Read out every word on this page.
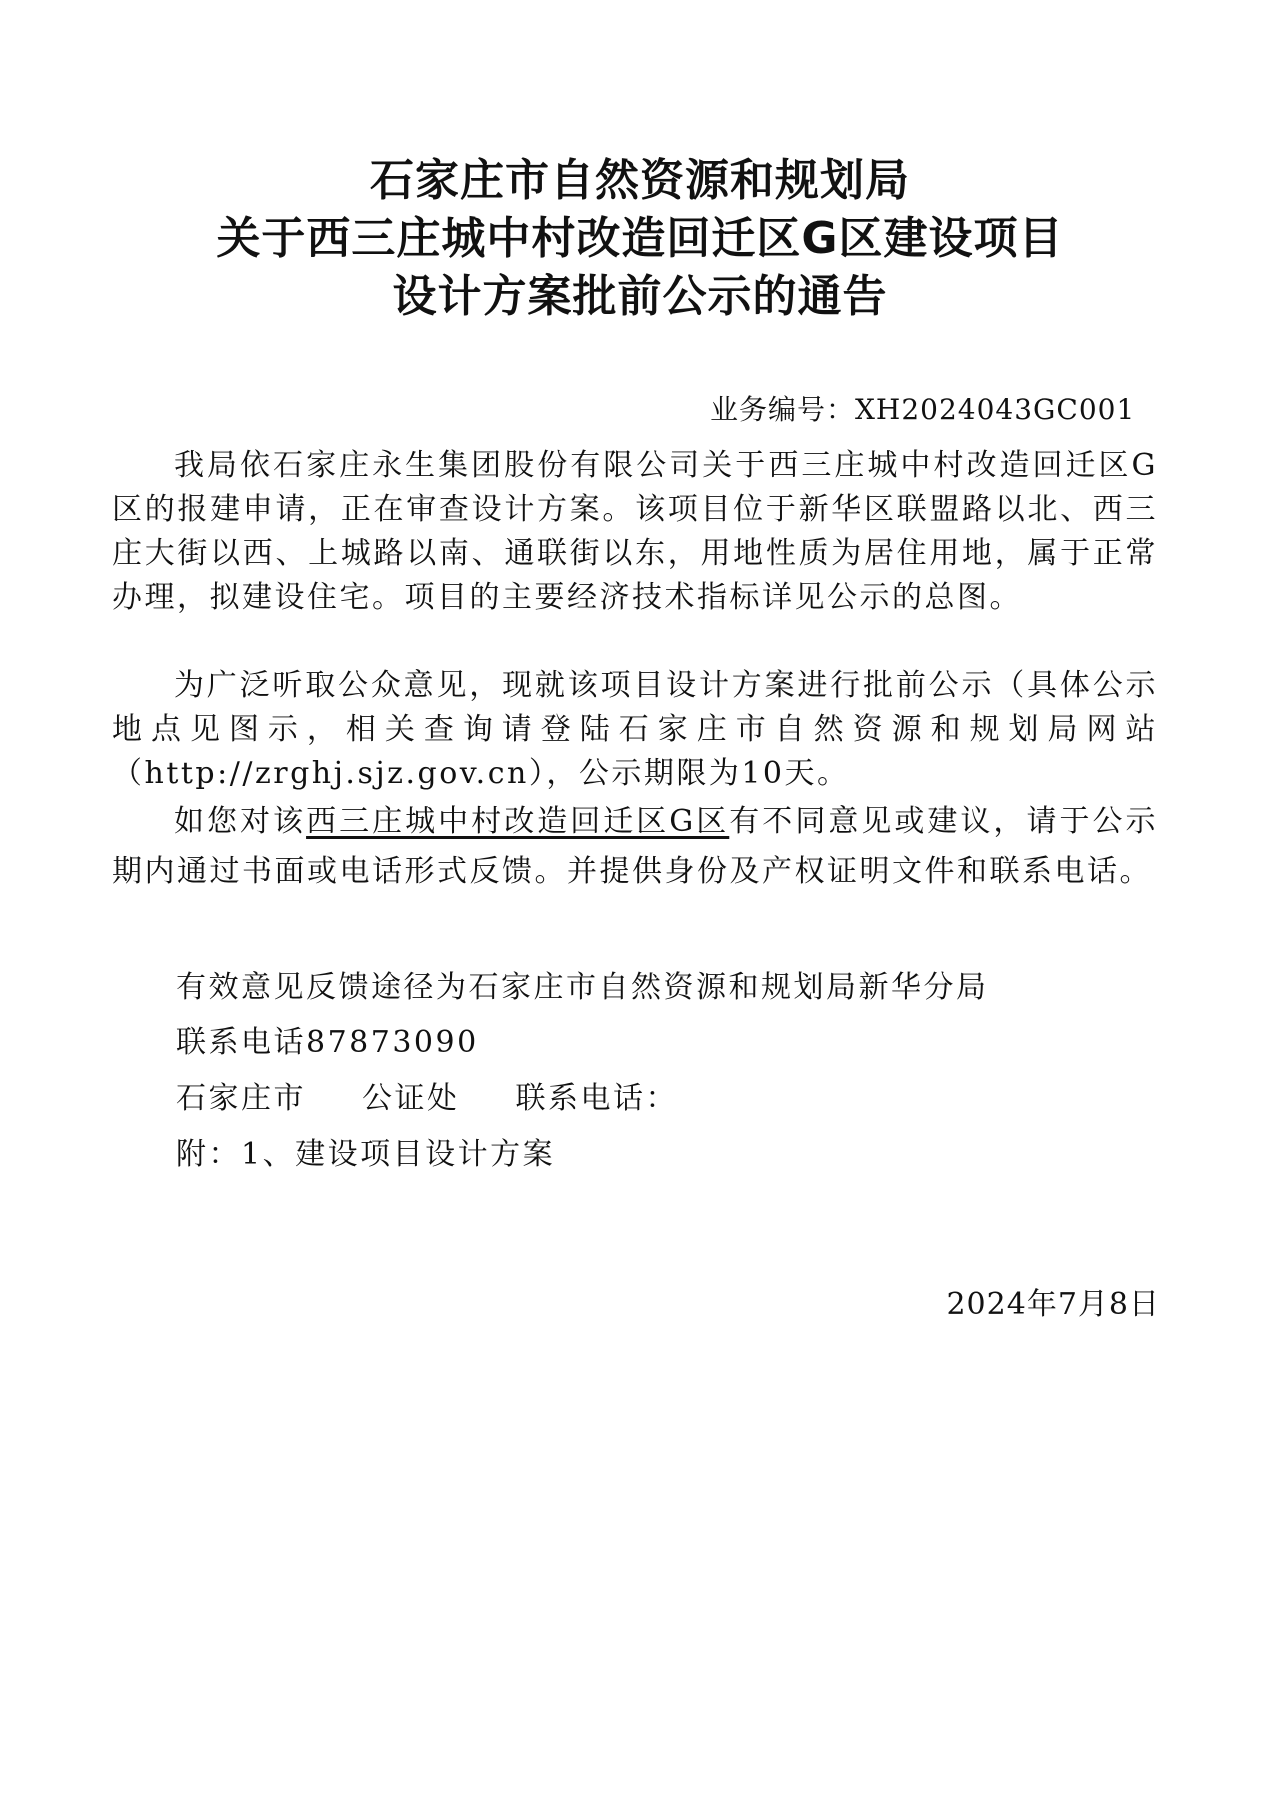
石家庄市自然资源和规划局
关于西三庄城中村改造回迁区G区建设项目
设计方案批前公示的通告
业务编号：XH2024043GC001

我局依石家庄永生集团股份有限公司关于西三庄城中村改造回迁区G区的报建申请，正在审查设计方案。该项目位于新华区联盟路以北、西三庄大街以西、上城路以南、通联街以东，用地性质为居住用地，属于正常办理，拟建设住宅。项目的主要经济技术指标详见公示的总图。

为广泛听取公众意见，现就该项目设计方案进行批前公示（具体公示地点见图示，相关查询请登陆石家庄市自然资源和规划局网站（http://zrghj.sjz.gov.cn），公示期限为10天。

如您对该西三庄城中村改造回迁区G区有不同意见或建议，请于公示期内通过书面或电话形式反馈。并提供身份及产权证明文件和联系电话。

有效意见反馈途径为石家庄市自然资源和规划局新华分局
联系电话87873090
石家庄市 公证处 联系电话：
附：1、建设项目设计方案
2024年7月8日
